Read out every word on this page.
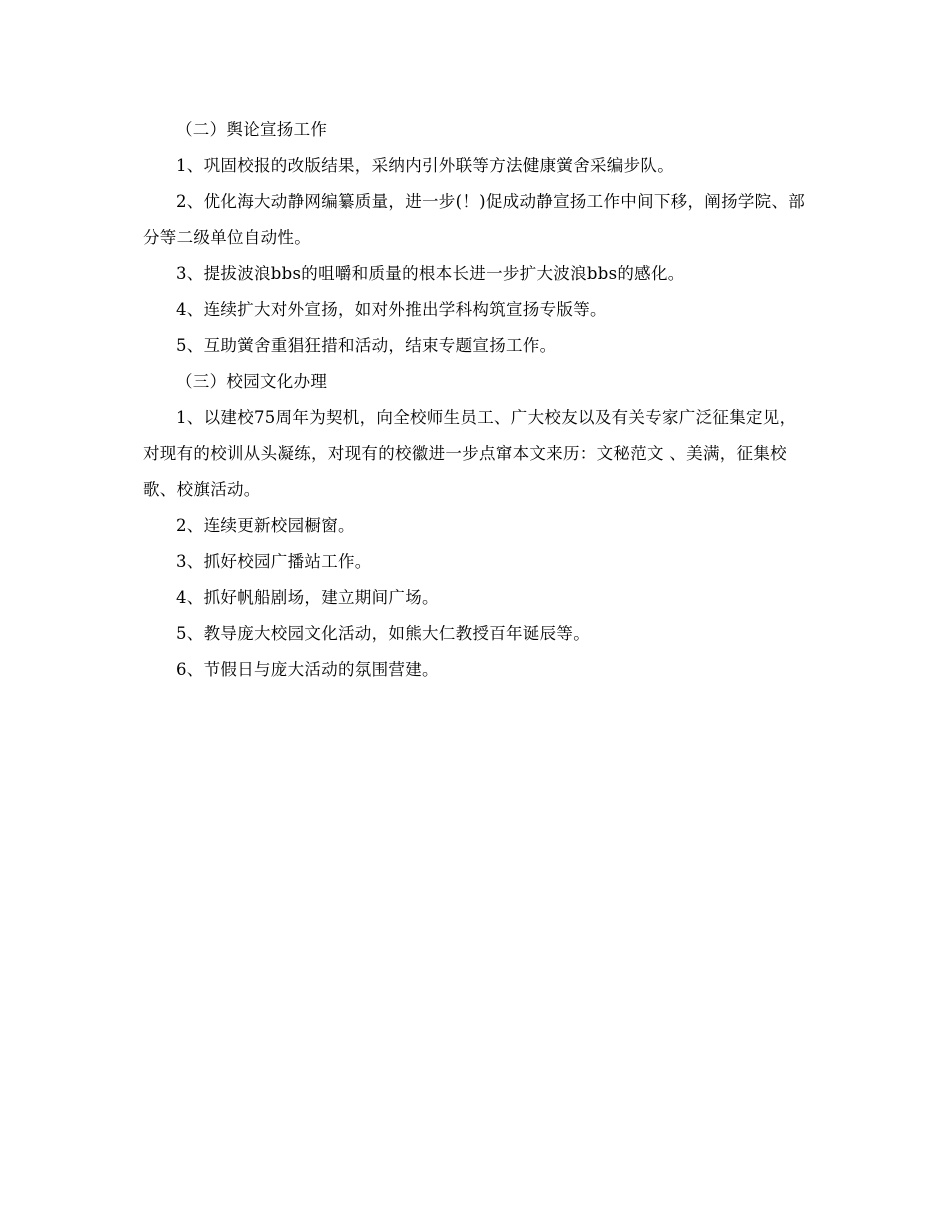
（二）舆论宣扬工作

1、巩固校报的改版结果，采纳内引外联等方法健康黉舍采编步队。

2、优化海大动静网编纂质量，进一步(！)促成动静宣扬工作中间下移，阐扬学院、部分等二级单位自动性。

3、提拔波浪bbs的咀嚼和质量的根本长进一步扩大波浪bbs的感化。

4、连续扩大对外宣扬，如对外推出学科构筑宣扬专版等。

5、互助黉舍重猖狂措和活动，结束专题宣扬工作。

（三）校园文化办理

1、以建校75周年为契机，向全校师生员工、广大校友以及有关专家广泛征集定见，对现有的校训从头凝练，对现有的校徽进一步点窜本文来历：文秘范文 、美满，征集校歌、校旗活动。

2、连续更新校园橱窗。

3、抓好校园广播站工作。

4、抓好帆船剧场，建立期间广场。

5、教导庞大校园文化活动，如熊大仁教授百年诞辰等。

6、节假日与庞大活动的氛围营建。
